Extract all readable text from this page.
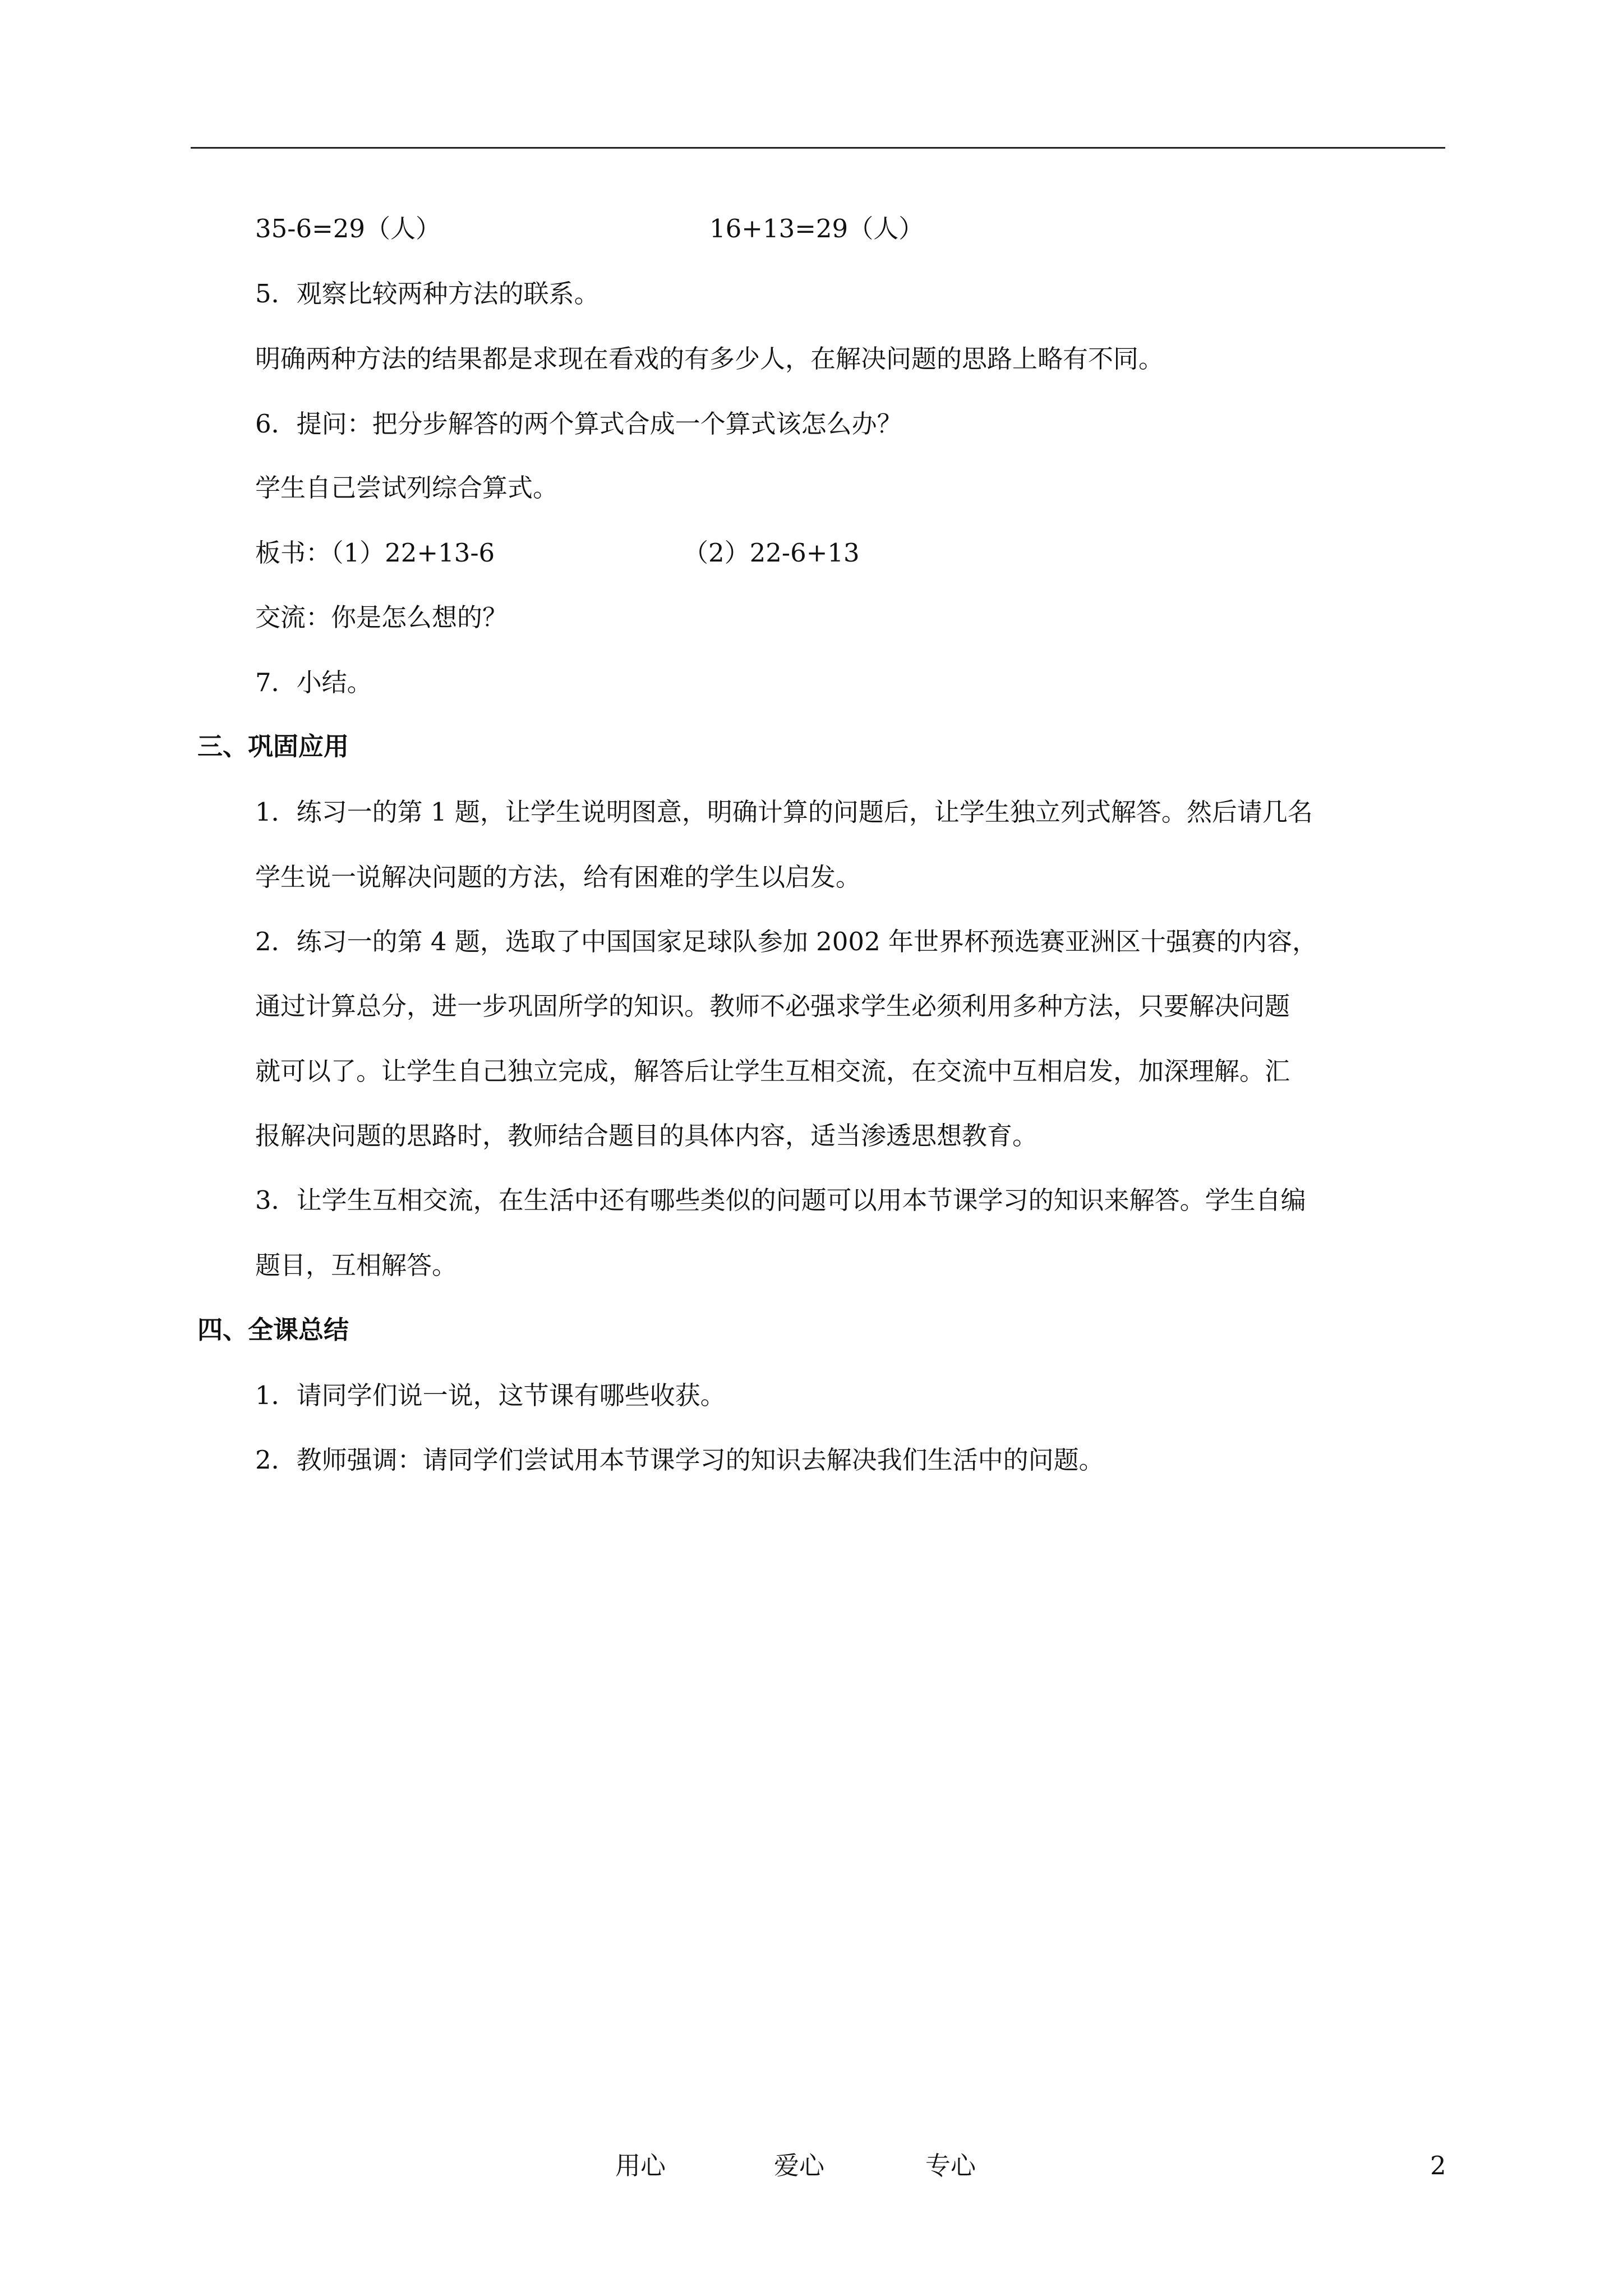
35-6=29（人）	16+13=29（人）
5．观察比较两种方法的联系。
明确两种方法的结果都是求现在看戏的有多少人，在解决问题的思路上略有不同。
6．提问：把分步解答的两个算式合成一个算式该怎么办？
学生自己尝试列综合算式。
板书：（1）22+13-6	（2）22-6+13
交流：你是怎么想的？
7．小结。
三、巩固应用
1．练习一的第 1 题，让学生说明图意，明确计算的问题后，让学生独立列式解答。然后请几名
学生说一说解决问题的方法，给有困难的学生以启发。
2．练习一的第 4 题，选取了中国国家足球队参加 2002 年世界杯预选赛亚洲区十强赛的内容，
通过计算总分，进一步巩固所学的知识。教师不必强求学生必须利用多种方法，只要解决问题
就可以了。让学生自己独立完成，解答后让学生互相交流，在交流中互相启发，加深理解。汇
报解决问题的思路时，教师结合题目的具体内容，适当渗透思想教育。
3．让学生互相交流，在生活中还有哪些类似的问题可以用本节课学习的知识来解答。学生自编
题目，互相解答。
四、全课总结
1．请同学们说一说，这节课有哪些收获。
2．教师强调：请同学们尝试用本节课学习的知识去解决我们生活中的问题。
用心	爱心	专心	2
